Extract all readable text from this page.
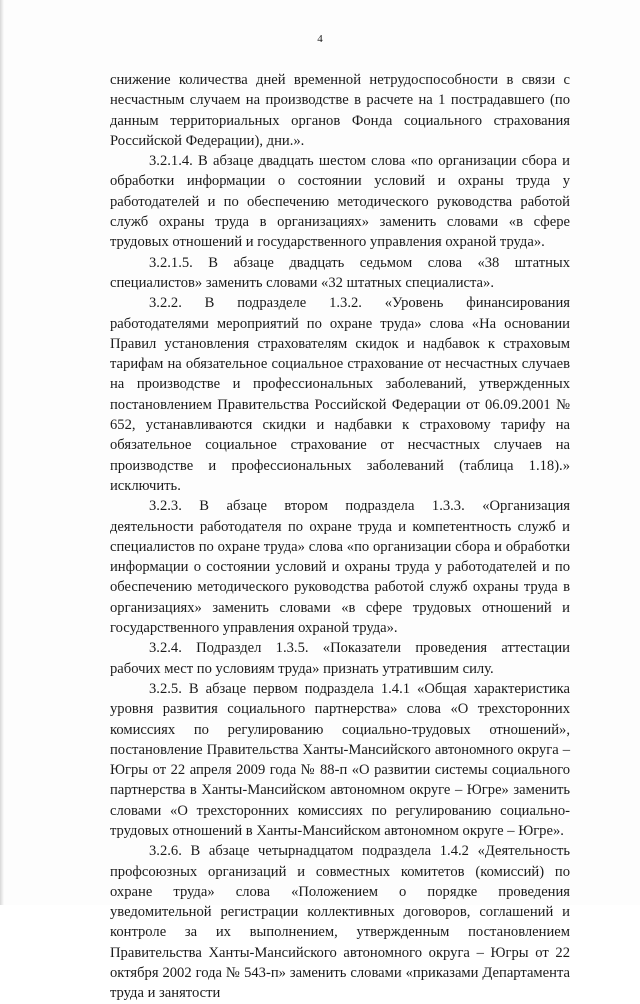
4

снижение количества дней временной нетрудоспособности в связи с несчастным случаем на производстве в расчете на 1 пострадавшего (по данным территориальных органов Фонда социального страхования Российской Федерации), дни.».

3.2.1.4. В абзаце двадцать шестом слова «по организации сбора и обработки информации о состоянии условий и охраны труда у работодателей и по обеспечению методического руководства работой служб охраны труда в организациях» заменить словами «в сфере трудовых отношений и государственного управления охраной труда».

3.2.1.5. В абзаце двадцать седьмом слова «38 штатных специалистов» заменить словами «32 штатных специалиста».

3.2.2. В подразделе 1.3.2. «Уровень финансирования работодателями мероприятий по охране труда» слова «На основании Правил установления страхователям скидок и надбавок к страховым тарифам на обязательное социальное страхование от несчастных случаев на производстве и профессиональных заболеваний, утвержденных постановлением Правительства Российской Федерации от 06.09.2001 № 652, устанавливаются скидки и надбавки к страховому тарифу на обязательное социальное страхование от несчастных случаев на производстве и профессиональных заболеваний (таблица 1.18).» исключить.

3.2.3. В абзаце втором подраздела 1.3.3. «Организация деятельности работодателя по охране труда и компетентность служб и специалистов по охране труда» слова «по организации сбора и обработки информации о состоянии условий и охраны труда у работодателей и по обеспечению методического руководства работой служб охраны труда в организациях» заменить словами «в сфере трудовых отношений и государственного управления охраной труда».

3.2.4. Подраздел 1.3.5. «Показатели проведения аттестации рабочих мест по условиям труда» признать утратившим силу.

3.2.5. В абзаце первом подраздела 1.4.1 «Общая характеристика уровня развития социального партнерства» слова «О трехсторонних комиссиях по регулированию социально-трудовых отношений», постановление Правительства Ханты-Мансийского автономного округа – Югры от 22 апреля 2009 года № 88-п «О развитии системы социального партнерства в Ханты-Мансийском автономном округе – Югре» заменить словами «О трехсторонних комиссиях по регулированию социально-трудовых отношений в Ханты-Мансийском автономном округе – Югре».

3.2.6. В абзаце четырнадцатом подраздела 1.4.2 «Деятельность профсоюзных организаций и совместных комитетов (комиссий) по охране труда» слова «Положением о порядке проведения уведомительной регистрации коллективных договоров, соглашений и контроле за их выполнением, утвержденным постановлением Правительства Ханты-Мансийского автономного округа – Югры от 22 октября 2002 года № 543-п» заменить словами «приказами Департамента труда и занятости
